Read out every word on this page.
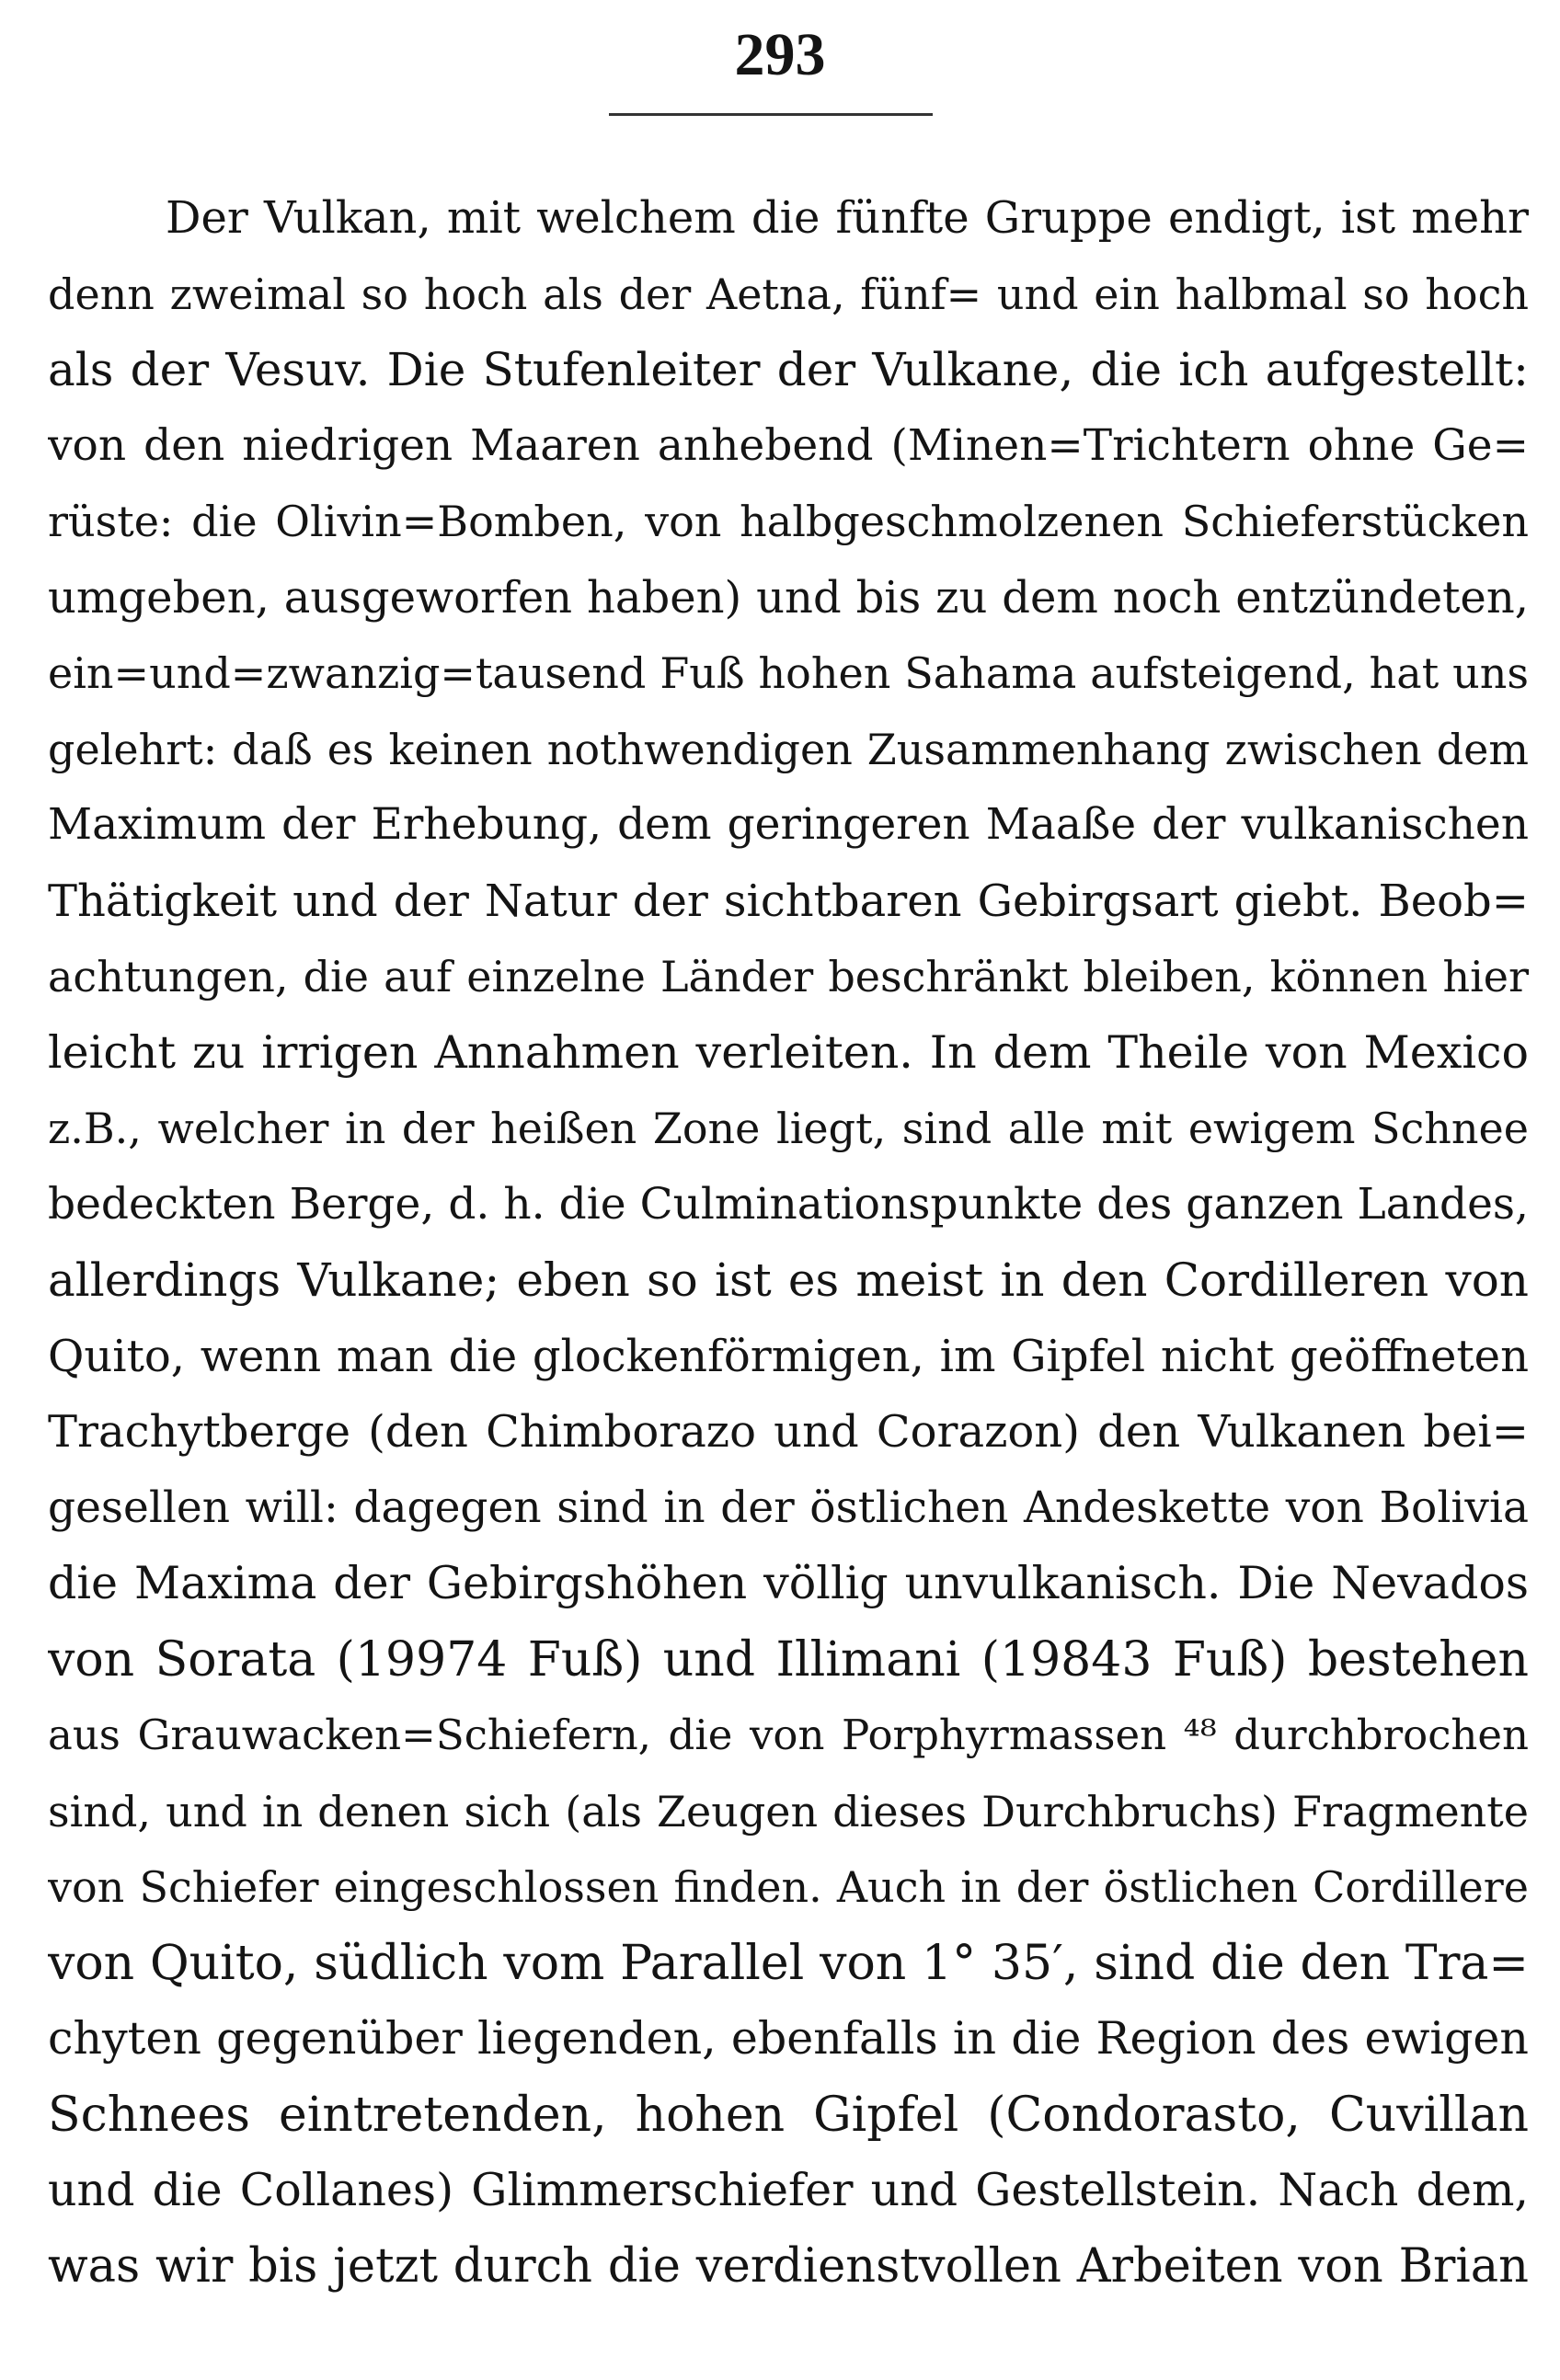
293
Der Vulkan, mit welchem die fünfte Gruppe endigt, ist mehr
denn zweimal so hoch als der Aetna, fünf= und ein halbmal so hoch
als der Vesuv. Die Stufenleiter der Vulkane, die ich aufgestellt:
von den niedrigen Maaren anhebend (Minen=Trichtern ohne Ge=
rüste: die Olivin=Bomben, von halbgeschmolzenen Schieferstücken
umgeben, ausgeworfen haben) und bis zu dem noch entzündeten,
ein=und=zwanzig=tausend Fuß hohen Sahama aufsteigend, hat uns
gelehrt: daß es keinen nothwendigen Zusammenhang zwischen dem
Maximum der Erhebung, dem geringeren Maaße der vulkanischen
Thätigkeit und der Natur der sichtbaren Gebirgsart giebt. Beob=
achtungen, die auf einzelne Länder beschränkt bleiben, können hier
leicht zu irrigen Annahmen verleiten. In dem Theile von Mexico
z.B., welcher in der heißen Zone liegt, sind alle mit ewigem Schnee
bedeckten Berge, d. h. die Culminationspunkte des ganzen Landes,
allerdings Vulkane; eben so ist es meist in den Cordilleren von
Quito, wenn man die glockenförmigen, im Gipfel nicht geöffneten
Trachytberge (den Chimborazo und Corazon) den Vulkanen bei=
gesellen will: dagegen sind in der östlichen Andeskette von Bolivia
die Maxima der Gebirgshöhen völlig unvulkanisch. Die Nevados
von Sorata (19974 Fuß) und Illimani (19843 Fuß) bestehen
aus Grauwacken=Schiefern, die von Porphyrmassen ⁴⁸ durchbrochen
sind, und in denen sich (als Zeugen dieses Durchbruchs) Fragmente
von Schiefer eingeschlossen finden. Auch in der östlichen Cordillere
von Quito, südlich vom Parallel von 1° 35′, sind die den Tra=
chyten gegenüber liegenden, ebenfalls in die Region des ewigen
Schnees eintretenden, hohen Gipfel (Condorasto, Cuvillan
und die Collanes) Glimmerschiefer und Gestellstein. Nach dem,
was wir bis jetzt durch die verdienstvollen Arbeiten von Brian
